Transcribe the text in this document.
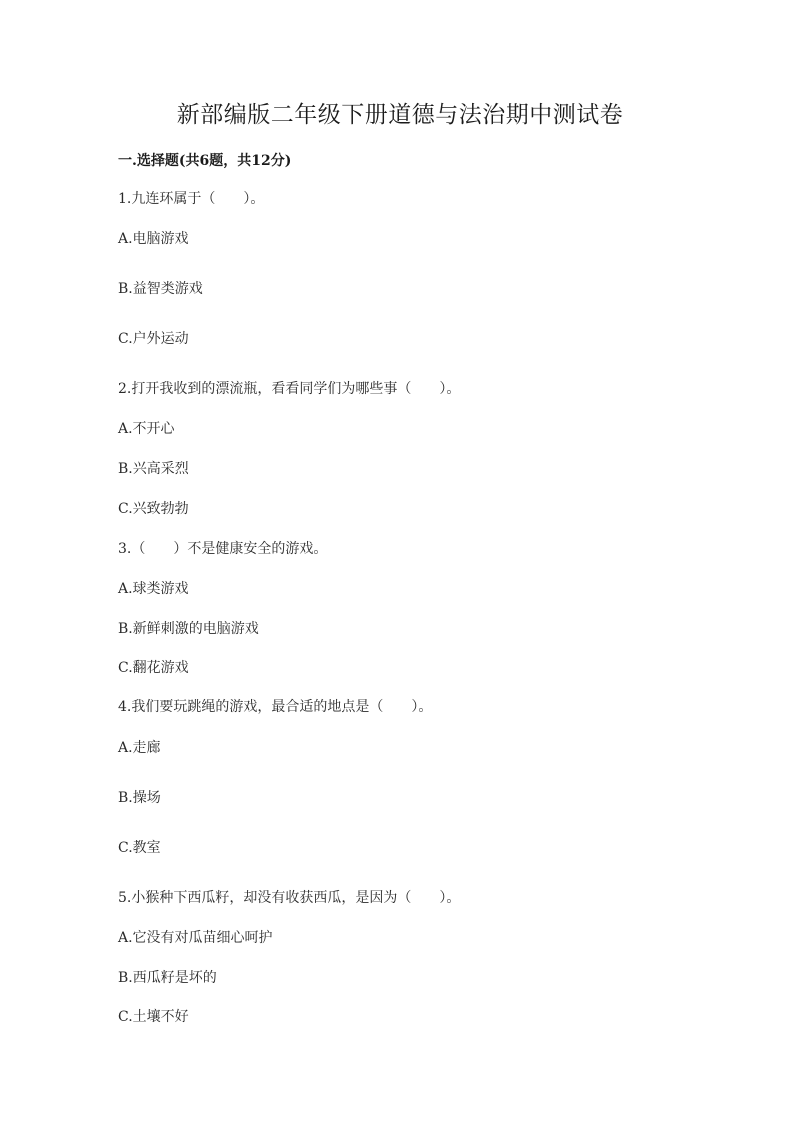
新部编版二年级下册道德与法治期中测试卷
一.选择题(共6题，共12分)
1.九连环属于（　　）。
A.电脑游戏
B.益智类游戏
C.户外运动
2.打开我收到的漂流瓶，看看同学们为哪些事（　　）。
A.不开心
B.兴高采烈
C.兴致勃勃
3.（　　）不是健康安全的游戏。
A.球类游戏
B.新鲜刺激的电脑游戏
C.翻花游戏
4.我们要玩跳绳的游戏，最合适的地点是（　　）。
A.走廊
B.操场
C.教室
5.小猴种下西瓜籽，却没有收获西瓜，是因为（　　）。
A.它没有对瓜苗细心呵护
B.西瓜籽是坏的
C.土壤不好
